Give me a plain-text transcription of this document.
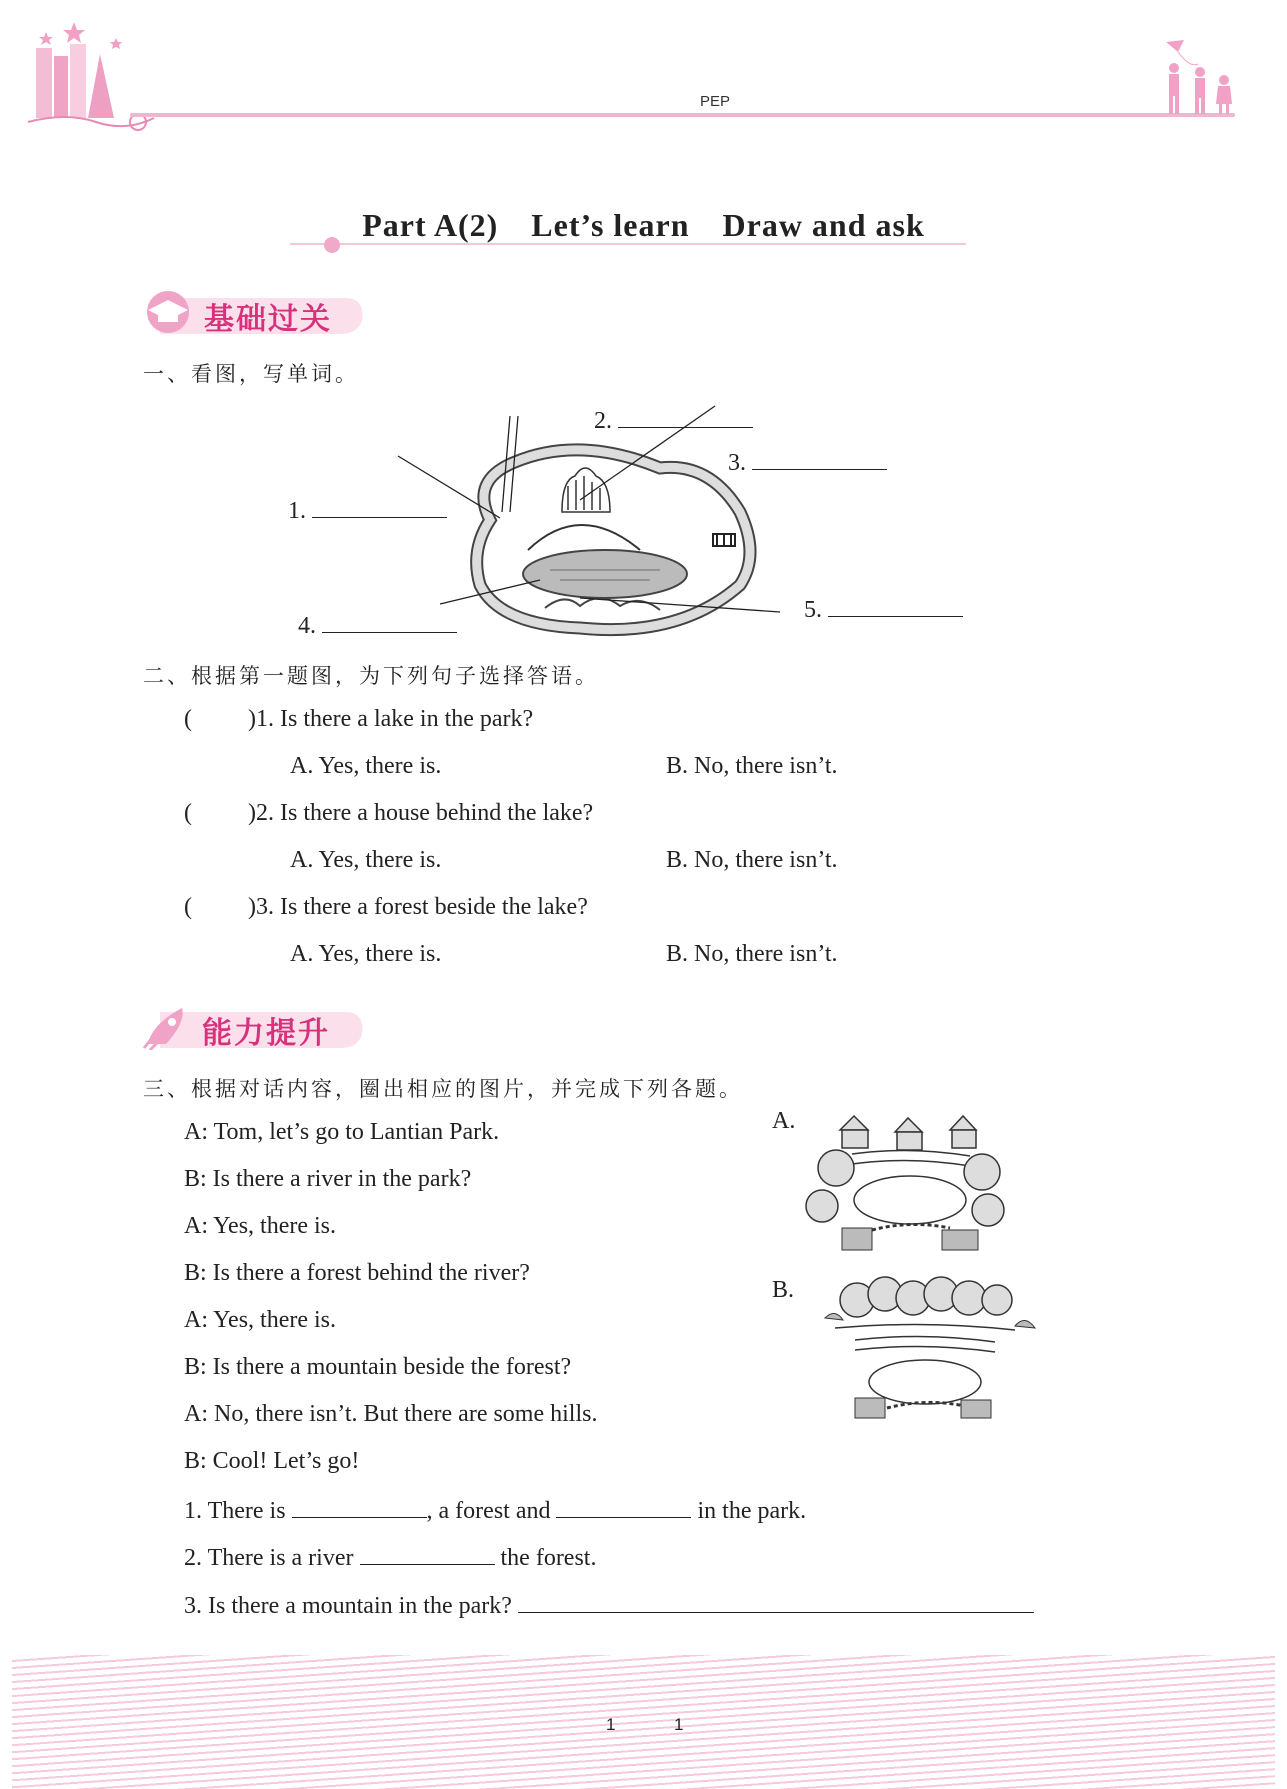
PEP
Part A(2)　Let’s learn　Draw and ask
基础过关
一、看图，写单词。
1.
2.
3.
4.
5.
二、根据第一题图，为下列句子选择答语。
( )1. Is there a lake in the park?
A. Yes, there is.	B. No, there isn’t.
( )2. Is there a house behind the lake?
A. Yes, there is.	B. No, there isn’t.
( )3. Is there a forest beside the lake?
A. Yes, there is.	B. No, there isn’t.
能力提升
三、根据对话内容，圈出相应的图片，并完成下列各题。
A: Tom, let’s go to Lantian Park.
B: Is there a river in the park?
A: Yes, there is.
B: Is there a forest behind the river?
A: Yes, there is.
B: Is there a mountain beside the forest?
A: No, there isn’t. But there are some hills.
B: Cool! Let’s go!
A.
B.
1. There is	, a forest and	in the park.
2. There is a river	the forest.
3. Is there a mountain in the park?
1	1
